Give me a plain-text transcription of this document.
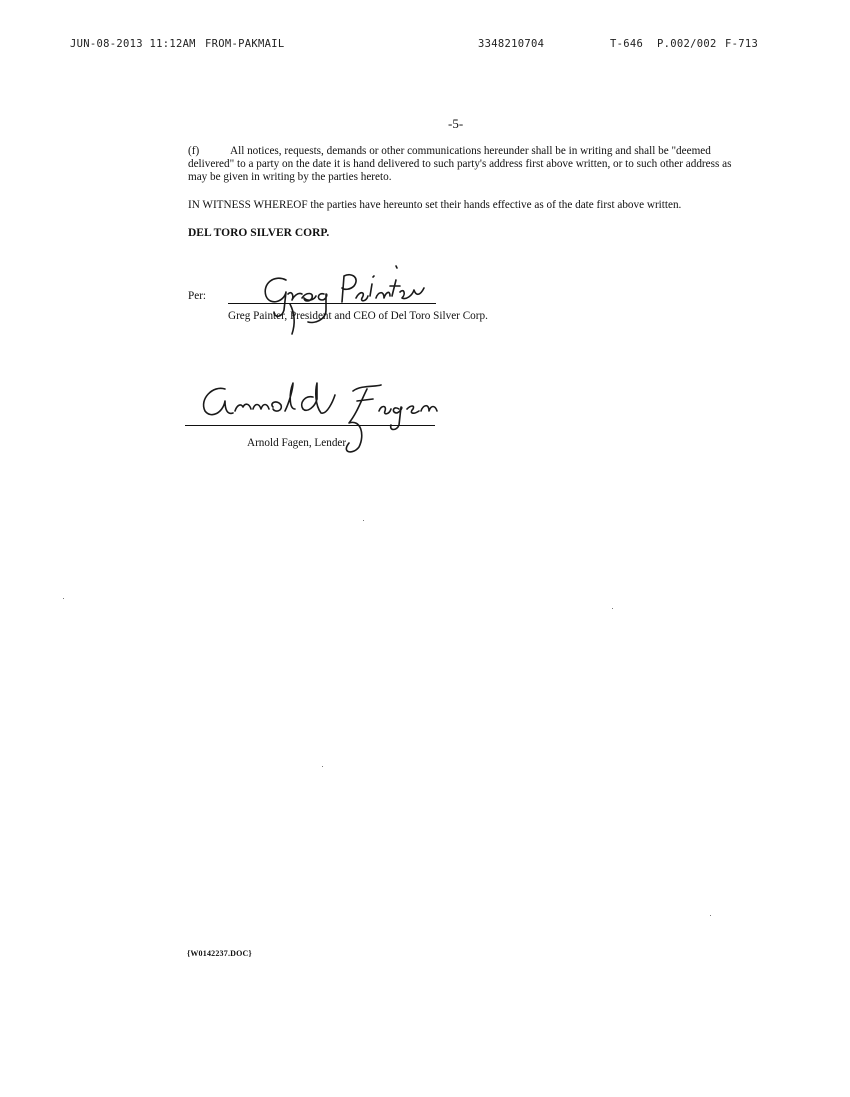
JUN-08-2013 11:12AM FROM-PAKMAIL	3348210704	T-646 P.002/002 F-713
-5-

(f)	All notices, requests, demands or other communications hereunder shall be in writing and shall be "deemed delivered" to a party on the date it is hand delivered to such party's address first above written, or to such other address as may be given in writing by the parties hereto.

IN WITNESS WHEREOF the parties have hereunto set their hands effective as of the date first above written.

DEL TORO SILVER CORP.

Per:
Greg Painter, President and CEO of Del Toro Silver Corp.
Arnold Fagen, Lender
{W0142237.DOC}
